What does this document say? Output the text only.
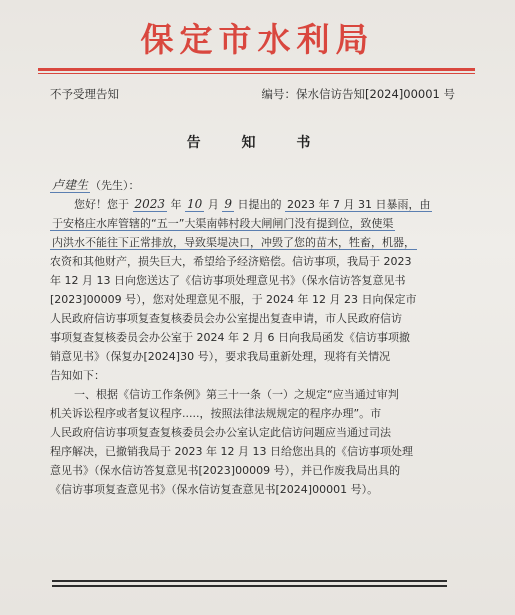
保定市水利局
不予受理告知	编号：保水信访告知[2024]00001 号
告 知 书
卢建生 （先生）：
您好！您于 2023 年 10 月 9 日提出的 2023 年 7 月 31 日暴雨，由
于安格庄水库管辖的“五一”大渠南韩村段大闸闸门没有提到位，致使渠
内洪水不能往下正常排放，导致渠堤决口，冲毁了您的苗木，牲畜，机器，
农资和其他财产，损失巨大，希望给予经济赔偿。信访事项，我局于 2023
年 12 月 13 日向您送达了《信访事项处理意见书》（保水信访答复意见书
[2023]00009 号），您对处理意见不服，于 2024 年 12 月 23 日向保定市
人民政府信访事项复查复核委员会办公室提出复查申请，市人民政府信访
事项复查复核委员会办公室于 2024 年 2 月 6 日向我局函发《信访事项撤
销意见书》（保复办[2024]30 号），要求我局重新处理，现将有关情况
告知如下：
一、根据《信访工作条例》第三十一条（一）之规定“应当通过审判
机关诉讼程序或者复议程序.....，按照法律法规规定的程序办理”。市
人民政府信访事项复查复核委员会办公室认定此信访问题应当通过司法
程序解决，已撤销我局于 2023 年 12 月 13 日给您出具的《信访事项处理
意见书》（保水信访答复意见书[2023]00009 号），并已作废我局出具的
《信访事项复查意见书》（保水信访复查意见书[2024]00001 号）。
